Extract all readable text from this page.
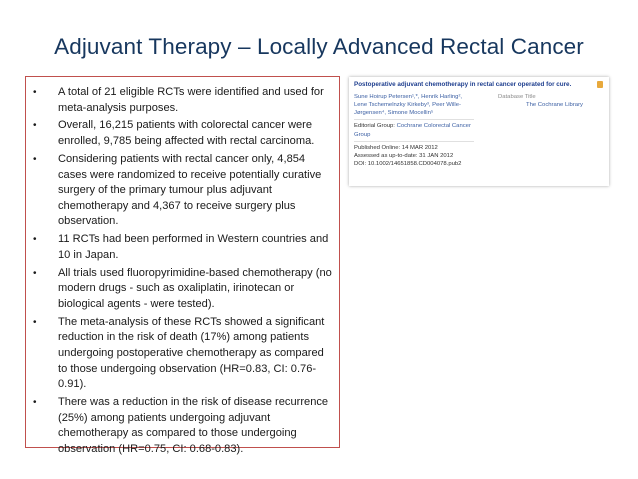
Adjuvant Therapy – Locally Advanced Rectal Cancer
• A total of 21 eligible RCTs were identified and used for meta-analysis purposes.
• Overall, 16,215 patients with colorectal cancer were enrolled, 9,785 being affected with rectal carcinoma.
• Considering patients with rectal cancer only, 4,854 cases were randomized to receive potentially curative surgery of the primary tumour plus adjuvant chemotherapy and 4,367 to receive surgery plus observation.
• 11 RCTs had been performed in Western countries and 10 in Japan.
• All trials used fluoropyrimidine-based chemotherapy (no modern drugs - such as oxaliplatin, irinotecan or biological agents - were tested).
• The meta-analysis of these RCTs showed a significant reduction in the risk of death (17%) among patients undergoing postoperative chemotherapy as compared to those undergoing observation (HR=0.83, CI: 0.76-0.91).
• There was a reduction in the risk of disease recurrence (25%) among patients undergoing adjuvant chemotherapy as compared to those undergoing observation (HR=0.75, CI: 0.68-0.83).
Postoperative adjuvant chemotherapy in rectal cancer operated for cure.
Sune Hoirup Petersen¹,*, Henrik Harling²,
Lene Tschemelnzky Kirkeby³, Peer Wille-
Jørgensen⁴, Simone Mocellin⁵
Database Title
The Cochrane Library
Editorial Group: Cochrane Colorectal Cancer Group
Published Online: 14 MAR 2012
Assessed as up-to-date: 31 JAN 2012
DOI: 10.1002/14651858.CD004078.pub2
